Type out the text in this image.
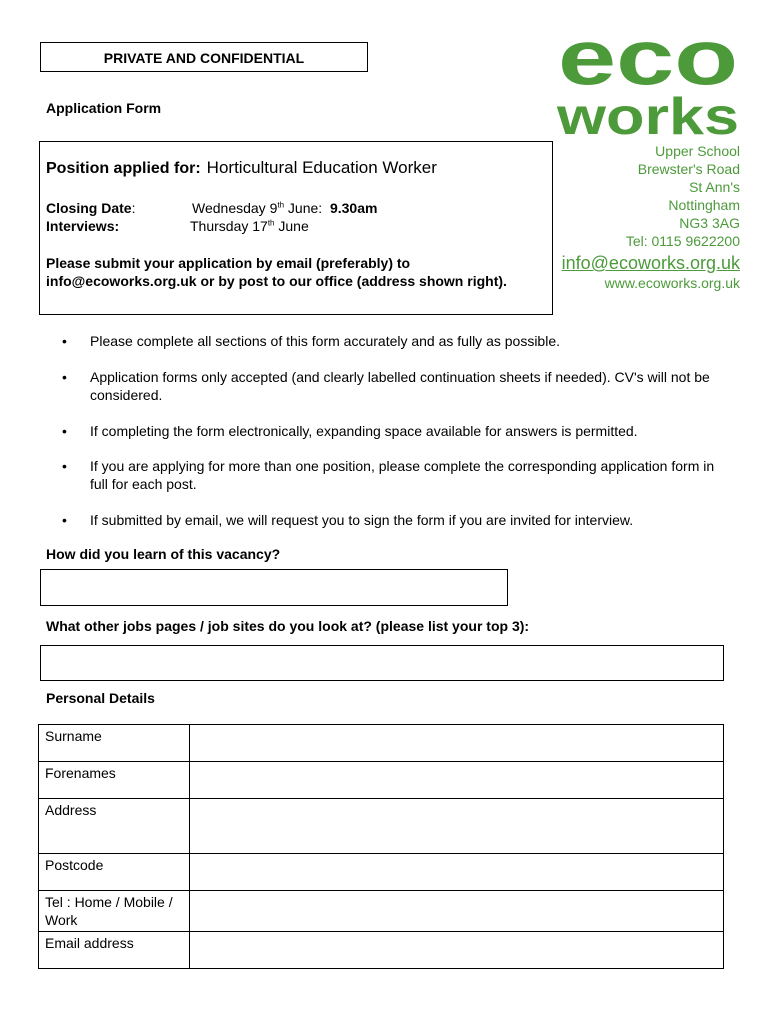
PRIVATE AND CONFIDENTIAL
Application Form
eco
works
Position applied for: Horticultural Education Worker
Closing Date:	Wednesday 9th June: 9.30am
Interviews:	Thursday 17th June
Please submit your application by email (preferably) to info@ecoworks.org.uk or by post to our office (address shown right).
Upper School
Brewster's Road
St Ann's
Nottingham
NG3 3AG
Tel: 0115 9622200
info@ecoworks.org.uk
www.ecoworks.org.uk
• Please complete all sections of this form accurately and as fully as possible.
• Application forms only accepted (and clearly labelled continuation sheets if needed). CV's will not be considered.
• If completing the form electronically, expanding space available for answers is permitted.
• If you are applying for more than one position, please complete the corresponding application form in full for each post.
• If submitted by email, we will request you to sign the form if you are invited for interview.
How did you learn of this vacancy?
What other jobs pages / job sites do you look at? (please list your top 3):
Personal Details
Surname	
Forenames	
Address	
Postcode	
Tel : Home / Mobile / Work	
Email address	
